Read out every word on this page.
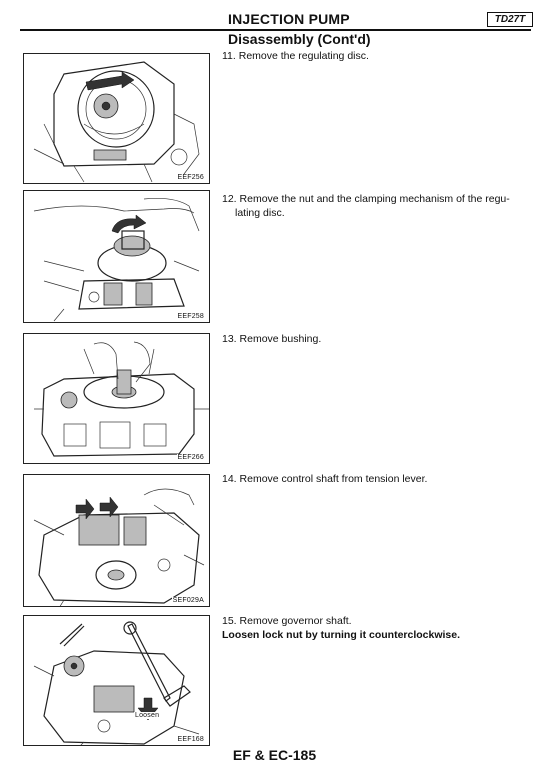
INJECTION PUMP	TD27T
Disassembly (Cont'd)
EEF256
11. Remove the regulating disc.
EEF258
12. Remove the nut and the clamping mechanism of the regu-
lating disc.
EEF266
13. Remove bushing.
SEF029A
14. Remove control shaft from tension lever.
Loosen
EEF168
15. Remove governor shaft.
Loosen lock nut by turning it counterclockwise.
EF & EC-185
